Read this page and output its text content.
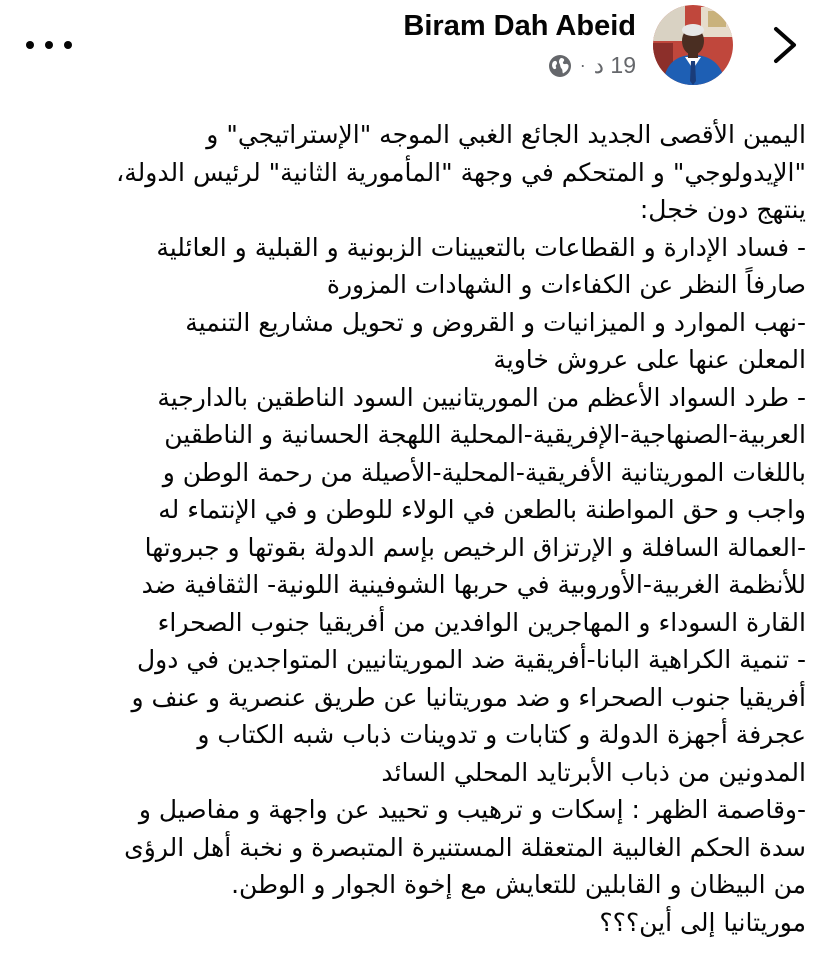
Biram Dah Abeid
· 19 د
اليمين الأقصى الجديد الجائع الغبي الموجه "الإستراتيجي" و
"الإيدولوجي" و المتحكم في وجهة "المأمورية الثانية" لرئيس الدولة،
ينتهج دون خجل:
- فساد الإدارة و القطاعات بالتعيينات الزبونية و القبلية و العائلية
صارفاً النظر عن الكفاءات و الشهادات المزورة
-نهب الموارد و الميزانيات و القروض و تحويل مشاريع التنمية
المعلن عنها على عروش خاوية
- طرد السواد الأعظم من الموريتانيين السود الناطقين بالدارجية
العربية-الصنهاجية-الإفريقية-المحلية اللهجة الحسانية و الناطقين
باللغات الموريتانية الأفريقية-المحلية-الأصيلة من رحمة الوطن و
واجب و حق المواطنة بالطعن في الولاء للوطن و في الإنتماء له
-العمالة السافلة و الإرتزاق الرخيص بإسم الدولة بقوتها و جبروتها
للأنظمة الغربية-الأوروبية في حربها الشوفينية اللونية- الثقافية ضد
القارة السوداء و المهاجرين الوافدين من أفريقيا جنوب الصحراء
- تنمية الكراهية البانا-أفريقية ضد الموريتانيين المتواجدين في دول
أفريقيا جنوب الصحراء و ضد موريتانيا عن طريق عنصرية و عنف و
عجرفة أجهزة الدولة و كتابات و تدوينات ذباب شبه الكتاب و
المدونين من ذباب الأبرتايد المحلي السائد
-وقاصمة الظهر : إسكات و ترهيب و تحييد عن واجهة و مفاصيل و
سدة الحكم الغالبية المتعقلة المستنيرة المتبصرة و نخبة أهل الرؤى
من البيظان و القابلين للتعايش مع إخوة الجوار و الوطن.
موريتانيا إلى أين؟؟؟
